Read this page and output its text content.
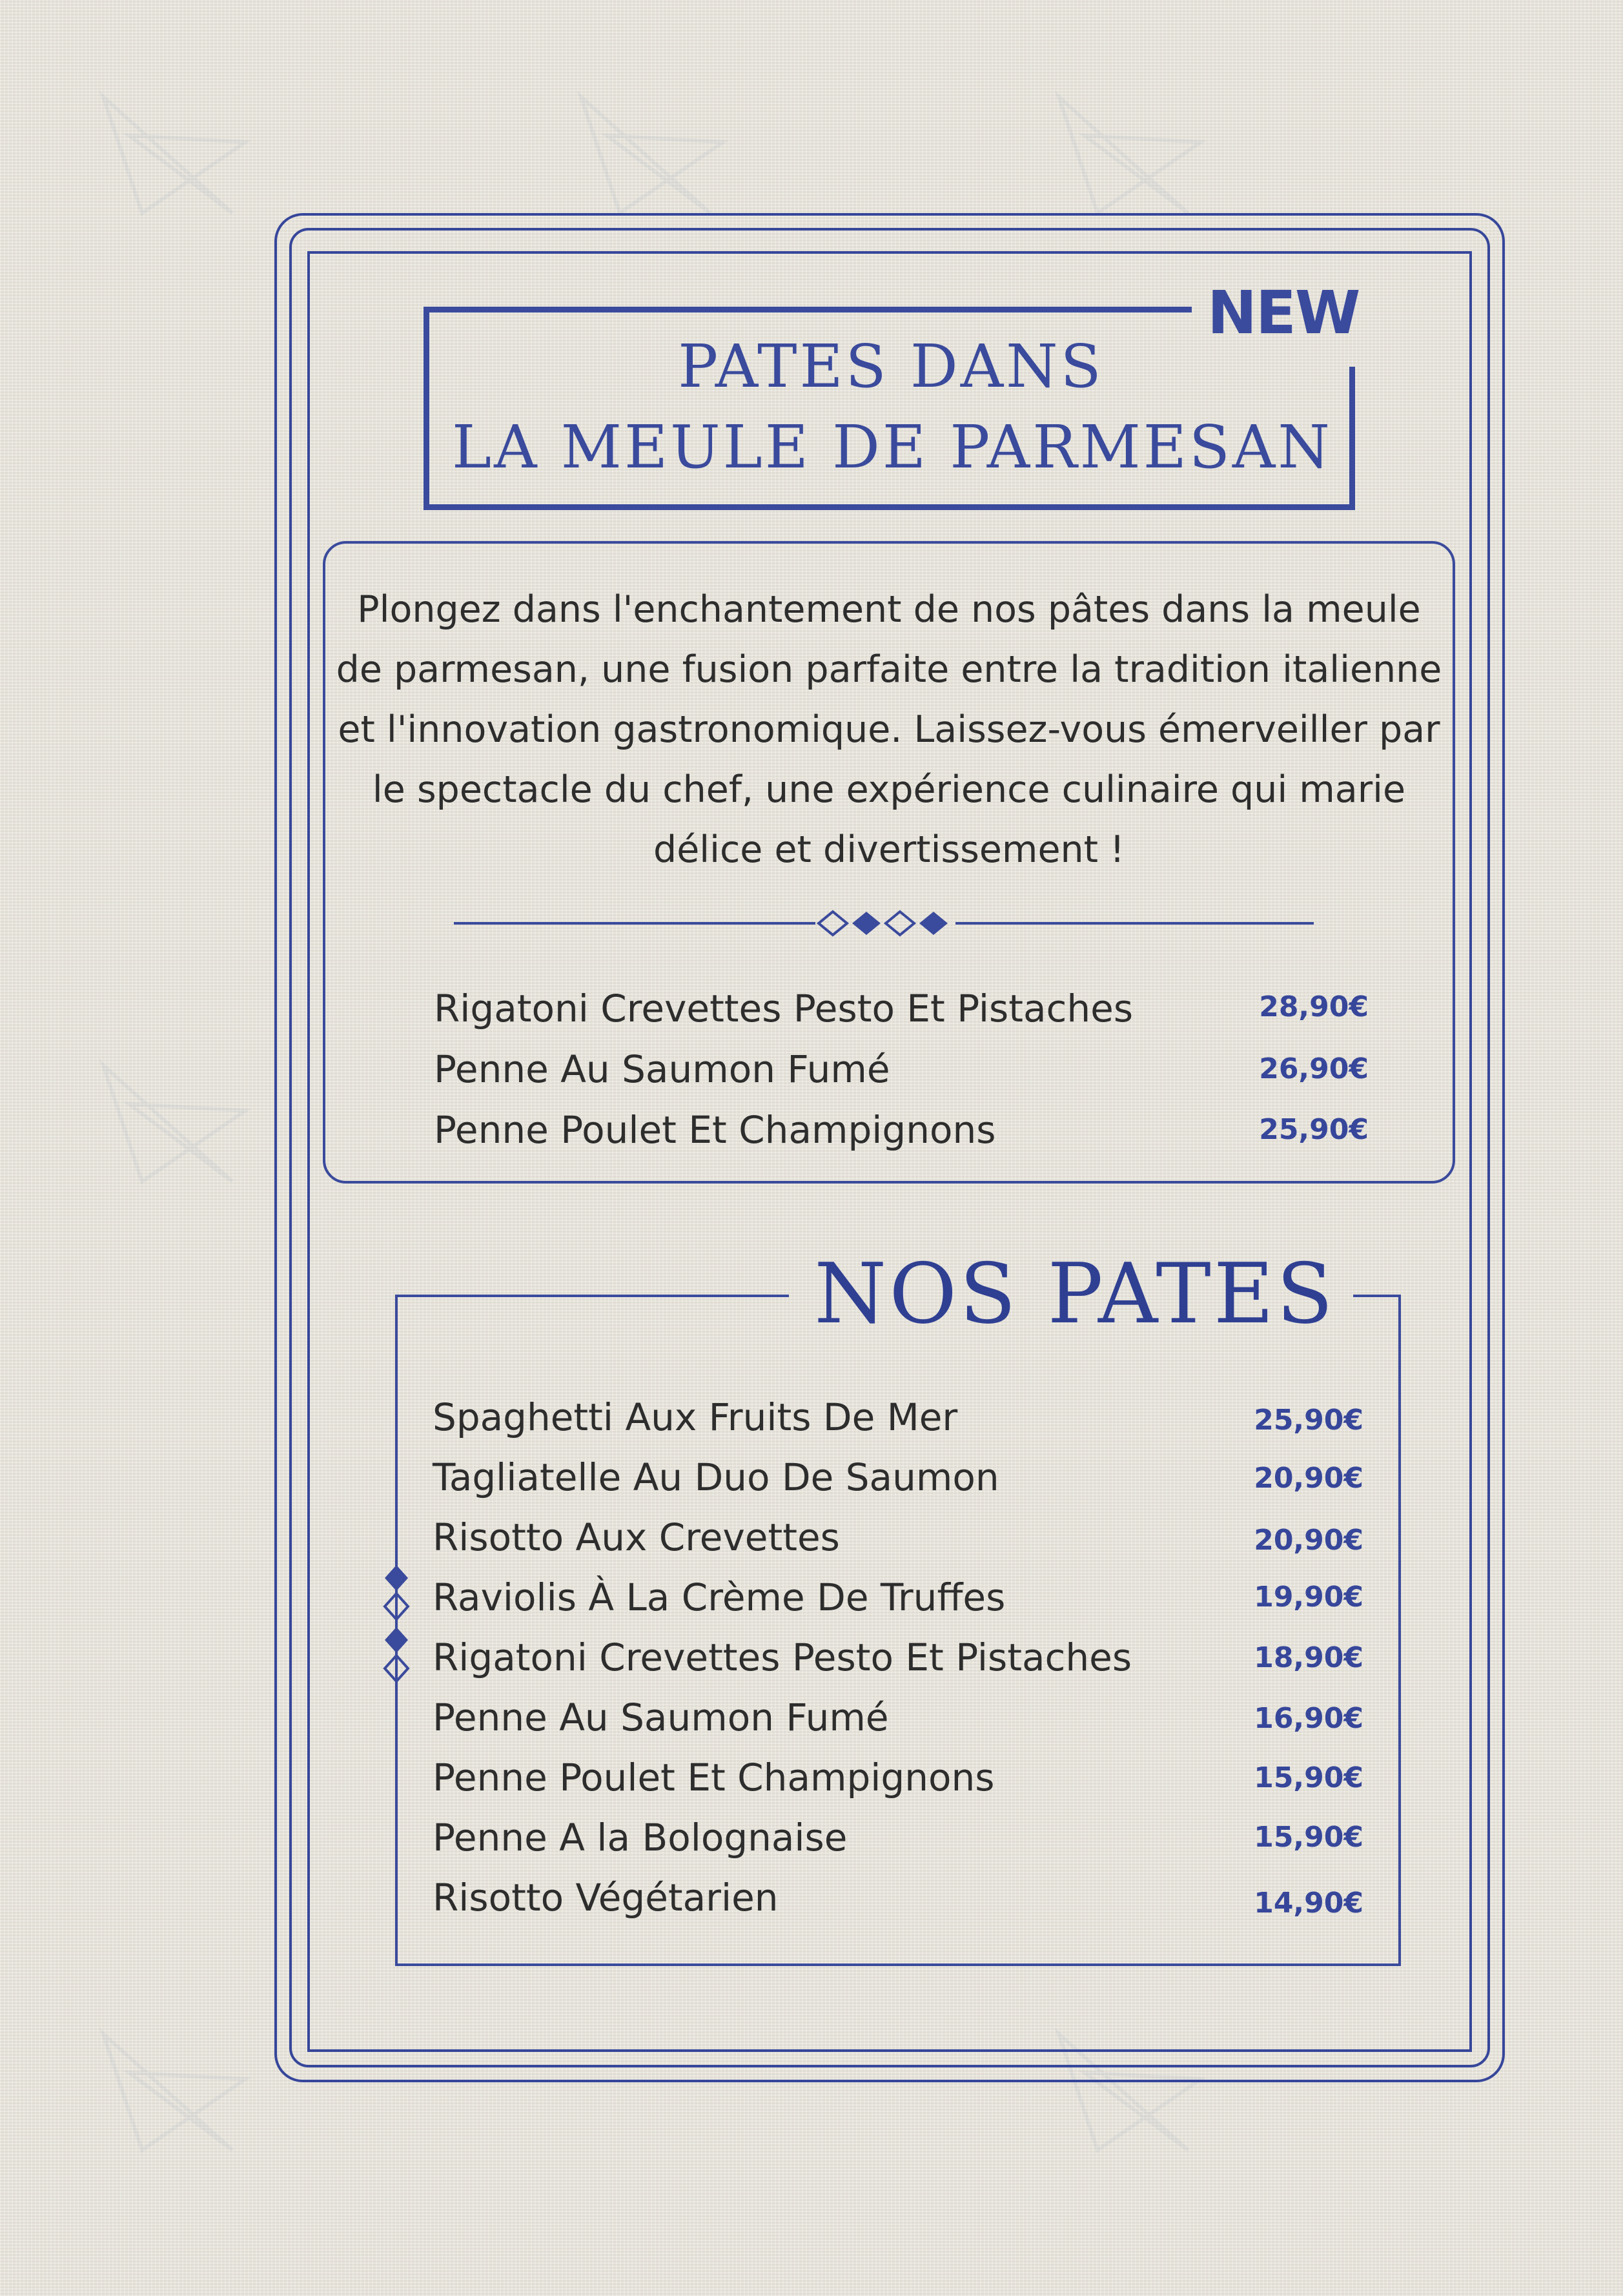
NEW
PATES DANS
LA MEULE DE PARMESAN
Plongez dans l'enchantement de nos pâtes dans la meule de parmesan, une fusion parfaite entre la tradition italienne et l'innovation gastronomique. Laissez-vous émerveiller par le spectacle du chef, une expérience culinaire qui marie délice et divertissement !
Rigatoni Crevettes Pesto Et Pistaches	28,90€
Penne Au Saumon Fumé	26,90€
Penne Poulet Et Champignons	25,90€
NOS PATES
Spaghetti Aux Fruits De Mer	25,90€
Tagliatelle Au Duo De Saumon	20,90€
Risotto Aux Crevettes	20,90€
Raviolis À La Crème De Truffes	19,90€
Rigatoni Crevettes Pesto Et Pistaches	18,90€
Penne Au Saumon Fumé	16,90€
Penne Poulet Et Champignons	15,90€
Penne A la Bolognaise	15,90€
Risotto Végétarien	14,90€
